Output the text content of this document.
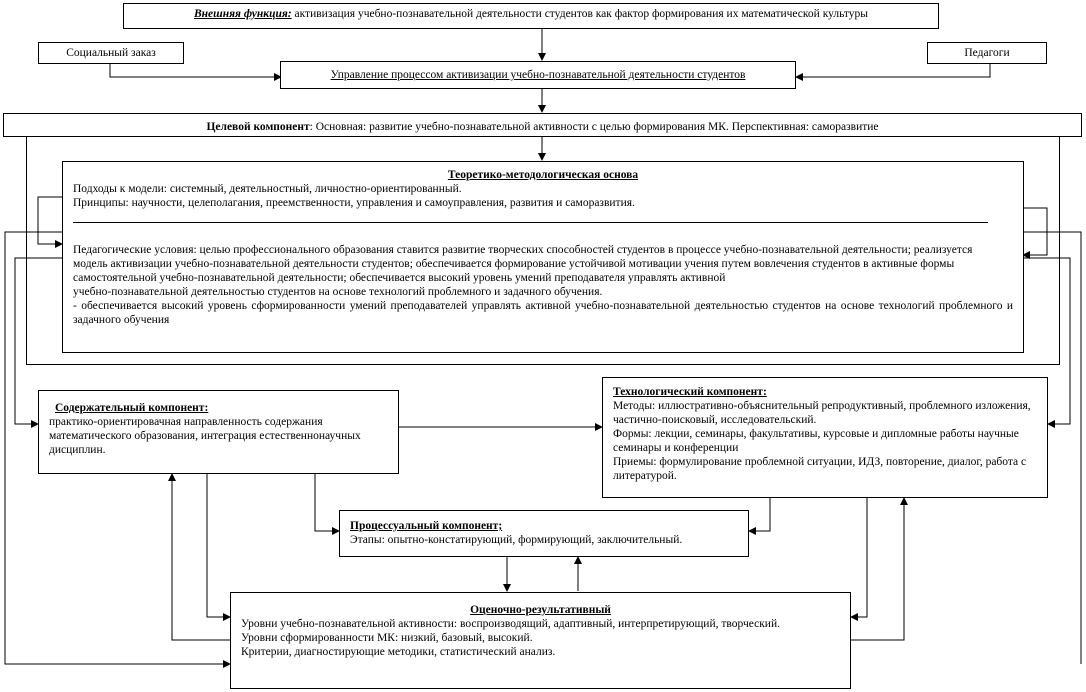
Внешняя функция: активизация учебно-познавательной деятельности студентов как фактор формирования их математической культуры
Социальный заказ	Педагоги
Управление процессом активизации учебно-познавательной деятельности студентов
Целевой компонент: Основная: развитие учебно-познавательной активности с целью формирования МК. Перспективная: саморазвитие
Теоретико-методологическая основа

Подходы к модели: системный, деятельностный, личностно-ориентированный.

Принципы: научности, целеполагания, преемственности, управления и самоуправления, развития и саморазвития.

Педагогические условия: целью профессионального образования ставится развитие творческих способностей студентов в процессе учебно-познавательной деятельности; реализуется модель активизации учебно-познавательной деятельности студентов; обеспечивается формирование устойчивой мотивации учения путем вовлечения студентов в активные формы самостоятельной учебно-познавательной деятельности; обеспечивается высокий уровень умений преподавателя управлять активной

учебно-познавательной деятельностью студентов на основе технологий проблемного и задачного обучения.

- обеспечивается высокий уровень сформированности умений преподавателей управлять активной учебно-познавательной деятельностью студентов на основе технологий проблемного и задачного обучения

Содержательный компонент:

практико-ориентировачная направленность содержания математического образования, интеграция естественнонаучных дисциплин.

Технологический компонент:

Методы: иллюстративно-объяснительный репродуктивный, проблемного изложения, частично-поисковый, исследовательский.

Формы: лекции, семинары, факультативы, курсовые и дипломные работы научные семинары и конференции

Приемы: формулирование проблемной ситуации, ИДЗ, повторение, диалог, работа с литературой.

Процессуальный компонент;

Этапы: опытно-констатирующий, формирующий, заключительный.

Оценочно-результативный

Уровни учебно-познавательной активности: воспроизводящий, адаптивный, интерпретирующий, творческий.

Уровни сформированности МК: низкий, базовый, высокий.

Критерии, диагностирующие методики, статистический анализ.
